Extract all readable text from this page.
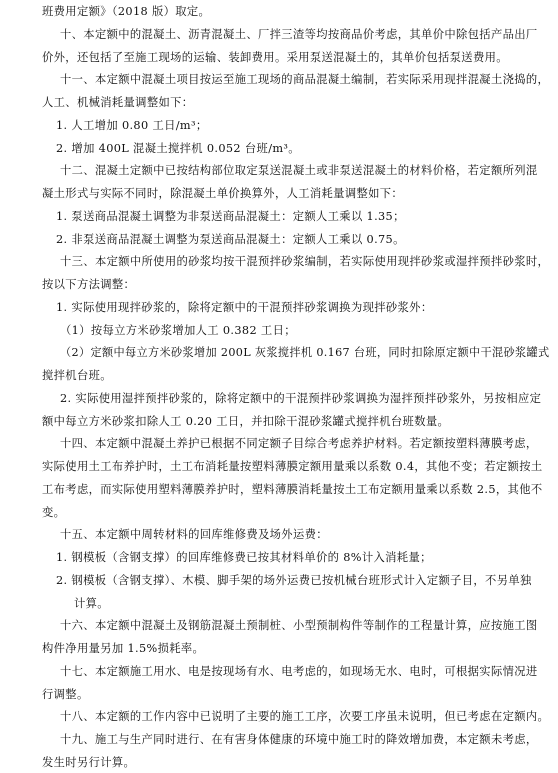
班费用定额》（2018 版）取定。
十、本定额中的混凝土、沥青混凝土、厂拌三渣等均按商品价考虑，其单价中除包括产品出厂
价外，还包括了至施工现场的运输、装卸费用。采用泵送混凝土的，其单价包括泵送费用。
十一、本定额中混凝土项目按运至施工现场的商品混凝土编制，若实际采用现拌混凝土浇捣的，
人工、机械消耗量调整如下：
1. 人工增加 0.80 工日/m³；
2. 增加 400L 混凝土搅拌机 0.052 台班/m³。
十二、混凝土定额中已按结构部位取定泵送混凝土或非泵送混凝土的材料价格，若定额所列混
凝土形式与实际不同时，除混凝土单价换算外，人工消耗量调整如下：
1. 泵送商品混凝土调整为非泵送商品混凝土：定额人工乘以 1.35；
2. 非泵送商品混凝土调整为泵送商品混凝土：定额人工乘以 0.75。
十三、本定额中所使用的砂浆均按干混预拌砂浆编制，若实际使用现拌砂浆或湿拌预拌砂浆时，
按以下方法调整：
1. 实际使用现拌砂浆的，除将定额中的干混预拌砂浆调换为现拌砂浆外：
（1）按每立方米砂浆增加人工 0.382 工日；
（2）定额中每立方米砂浆增加 200L 灰浆搅拌机 0.167 台班，同时扣除原定额中干混砂浆罐式
搅拌机台班。
2. 实际使用湿拌预拌砂浆的，除将定额中的干混预拌砂浆调换为湿拌预拌砂浆外，另按相应定
额中每立方米砂浆扣除人工 0.20 工日，并扣除干混砂浆罐式搅拌机台班数量。
十四、本定额中混凝土养护已根据不同定额子目综合考虑养护材料。若定额按塑料薄膜考虑，
实际使用土工布养护时，土工布消耗量按塑料薄膜定额用量乘以系数 0.4，其他不变；若定额按土
工布考虑，而实际使用塑料薄膜养护时，塑料薄膜消耗量按土工布定额用量乘以系数 2.5，其他不
变。
十五、本定额中周转材料的回库维修费及场外运费：
1. 钢模板（含钢支撑）的回库维修费已按其材料单价的 8%计入消耗量；
2. 钢模板（含钢支撑）、木模、脚手架的场外运费已按机械台班形式计入定额子目，不另单独
计算。
十六、本定额中混凝土及钢筋混凝土预制桩、小型预制构件等制作的工程量计算，应按施工图
构件净用量另加 1.5%损耗率。
十七、本定额施工用水、电是按现场有水、电考虑的，如现场无水、电时，可根据实际情况进
行调整。
十八、本定额的工作内容中已说明了主要的施工工序，次要工序虽未说明，但已考虑在定额内。
十九、施工与生产同时进行、在有害身体健康的环境中施工时的降效增加费，本定额未考虑，
发生时另行计算。
